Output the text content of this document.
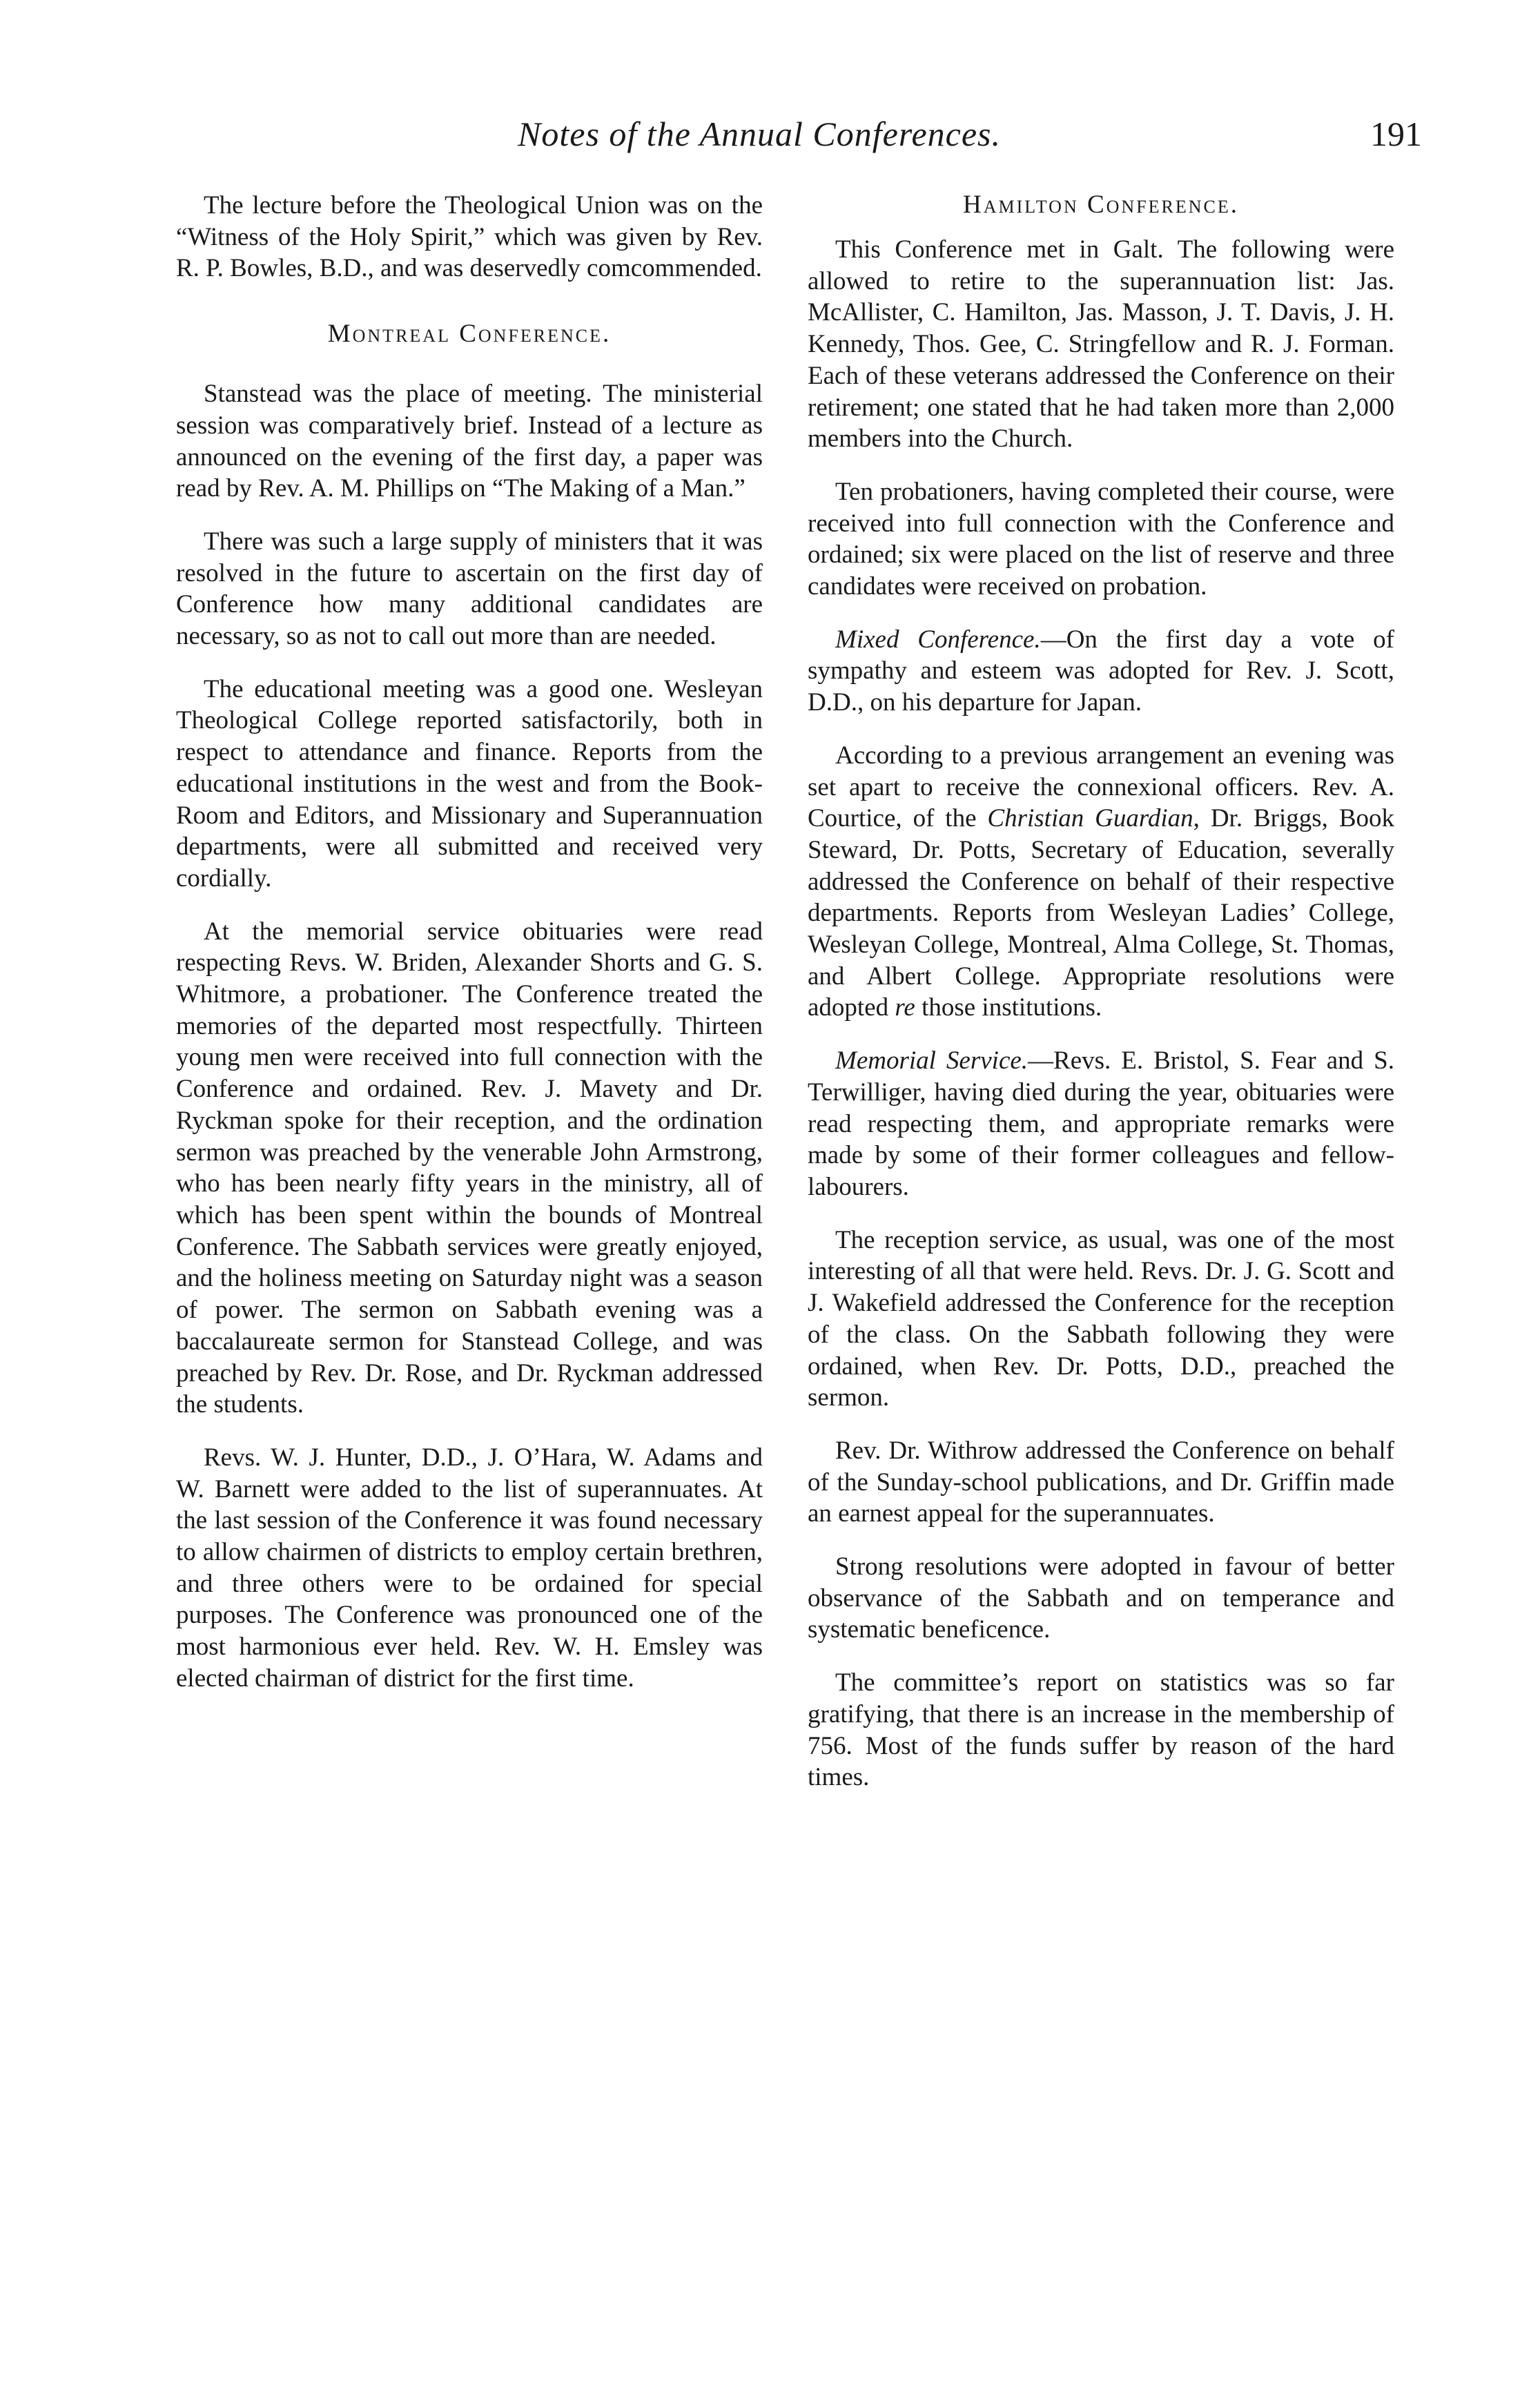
Notes of the Annual Conferences.	191

The lecture before the Theological Union was on the “Witness of the Holy Spirit,” which was given by Rev. R. P. Bowles, B.D., and was deservedly comcommended.

Montreal Conference.

Stanstead was the place of meeting. The ministerial session was comparatively brief. Instead of a lecture as announced on the evening of the first day, a paper was read by Rev. A. M. Phillips on “The Making of a Man.”

There was such a large supply of ministers that it was resolved in the future to ascertain on the first day of Conference how many additional candidates are necessary, so as not to call out more than are needed.

The educational meeting was a good one. Wesleyan Theological College reported satisfactorily, both in respect to attendance and finance. Reports from the educational institutions in the west and from the Book-Room and Editors, and Missionary and Superannuation departments, were all submitted and received very cordially.

At the memorial service obituaries were read respecting Revs. W. Briden, Alexander Shorts and G. S. Whitmore, a probationer. The Conference treated the memories of the departed most respectfully. Thirteen young men were received into full connection with the Conference and ordained. Rev. J. Mavety and Dr. Ryckman spoke for their reception, and the ordination sermon was preached by the venerable John Armstrong, who has been nearly fifty years in the ministry, all of which has been spent within the bounds of Montreal Conference. The Sabbath services were greatly enjoyed, and the holiness meeting on Saturday night was a season of power. The sermon on Sabbath evening was a baccalaureate sermon for Stanstead College, and was preached by Rev. Dr. Rose, and Dr. Ryckman addressed the students.

Revs. W. J. Hunter, D.D., J. O’Hara, W. Adams and W. Barnett were added to the list of superannuates. At the last session of the Conference it was found necessary to allow chairmen of districts to employ certain brethren, and three others were to be ordained for special purposes. The Conference was pronounced one of the most harmonious ever held. Rev. W. H. Emsley was elected chairman of district for the first time.

Hamilton Conference.

This Conference met in Galt. The following were allowed to retire to the superannuation list: Jas. McAllister, C. Hamilton, Jas. Masson, J. T. Davis, J. H. Kennedy, Thos. Gee, C. Stringfellow and R. J. Forman. Each of these veterans addressed the Conference on their retirement; one stated that he had taken more than 2,000 members into the Church.

Ten probationers, having completed their course, were received into full connection with the Conference and ordained; six were placed on the list of reserve and three candidates were received on probation.

Mixed Conference.—On the first day a vote of sympathy and esteem was adopted for Rev. J. Scott, D.D., on his departure for Japan.

According to a previous arrangement an evening was set apart to receive the connexional officers. Rev. A. Courtice, of the Christian Guardian, Dr. Briggs, Book Steward, Dr. Potts, Secretary of Education, severally addressed the Conference on behalf of their respective departments. Reports from Wesleyan Ladies’ College, Wesleyan College, Montreal, Alma College, St. Thomas, and Albert College. Appropriate resolutions were adopted re those institutions.

Memorial Service.—Revs. E. Bristol, S. Fear and S. Terwilliger, having died during the year, obituaries were read respecting them, and appropriate remarks were made by some of their former colleagues and fellow-labourers.

The reception service, as usual, was one of the most interesting of all that were held. Revs. Dr. J. G. Scott and J. Wakefield addressed the Conference for the reception of the class. On the Sabbath following they were ordained, when Rev. Dr. Potts, D.D., preached the sermon.

Rev. Dr. Withrow addressed the Conference on behalf of the Sunday-school publications, and Dr. Griffin made an earnest appeal for the superannuates.

Strong resolutions were adopted in favour of better observance of the Sabbath and on temperance and systematic beneficence.

The committee’s report on statistics was so far gratifying, that there is an increase in the membership of 756. Most of the funds suffer by reason of the hard times.
